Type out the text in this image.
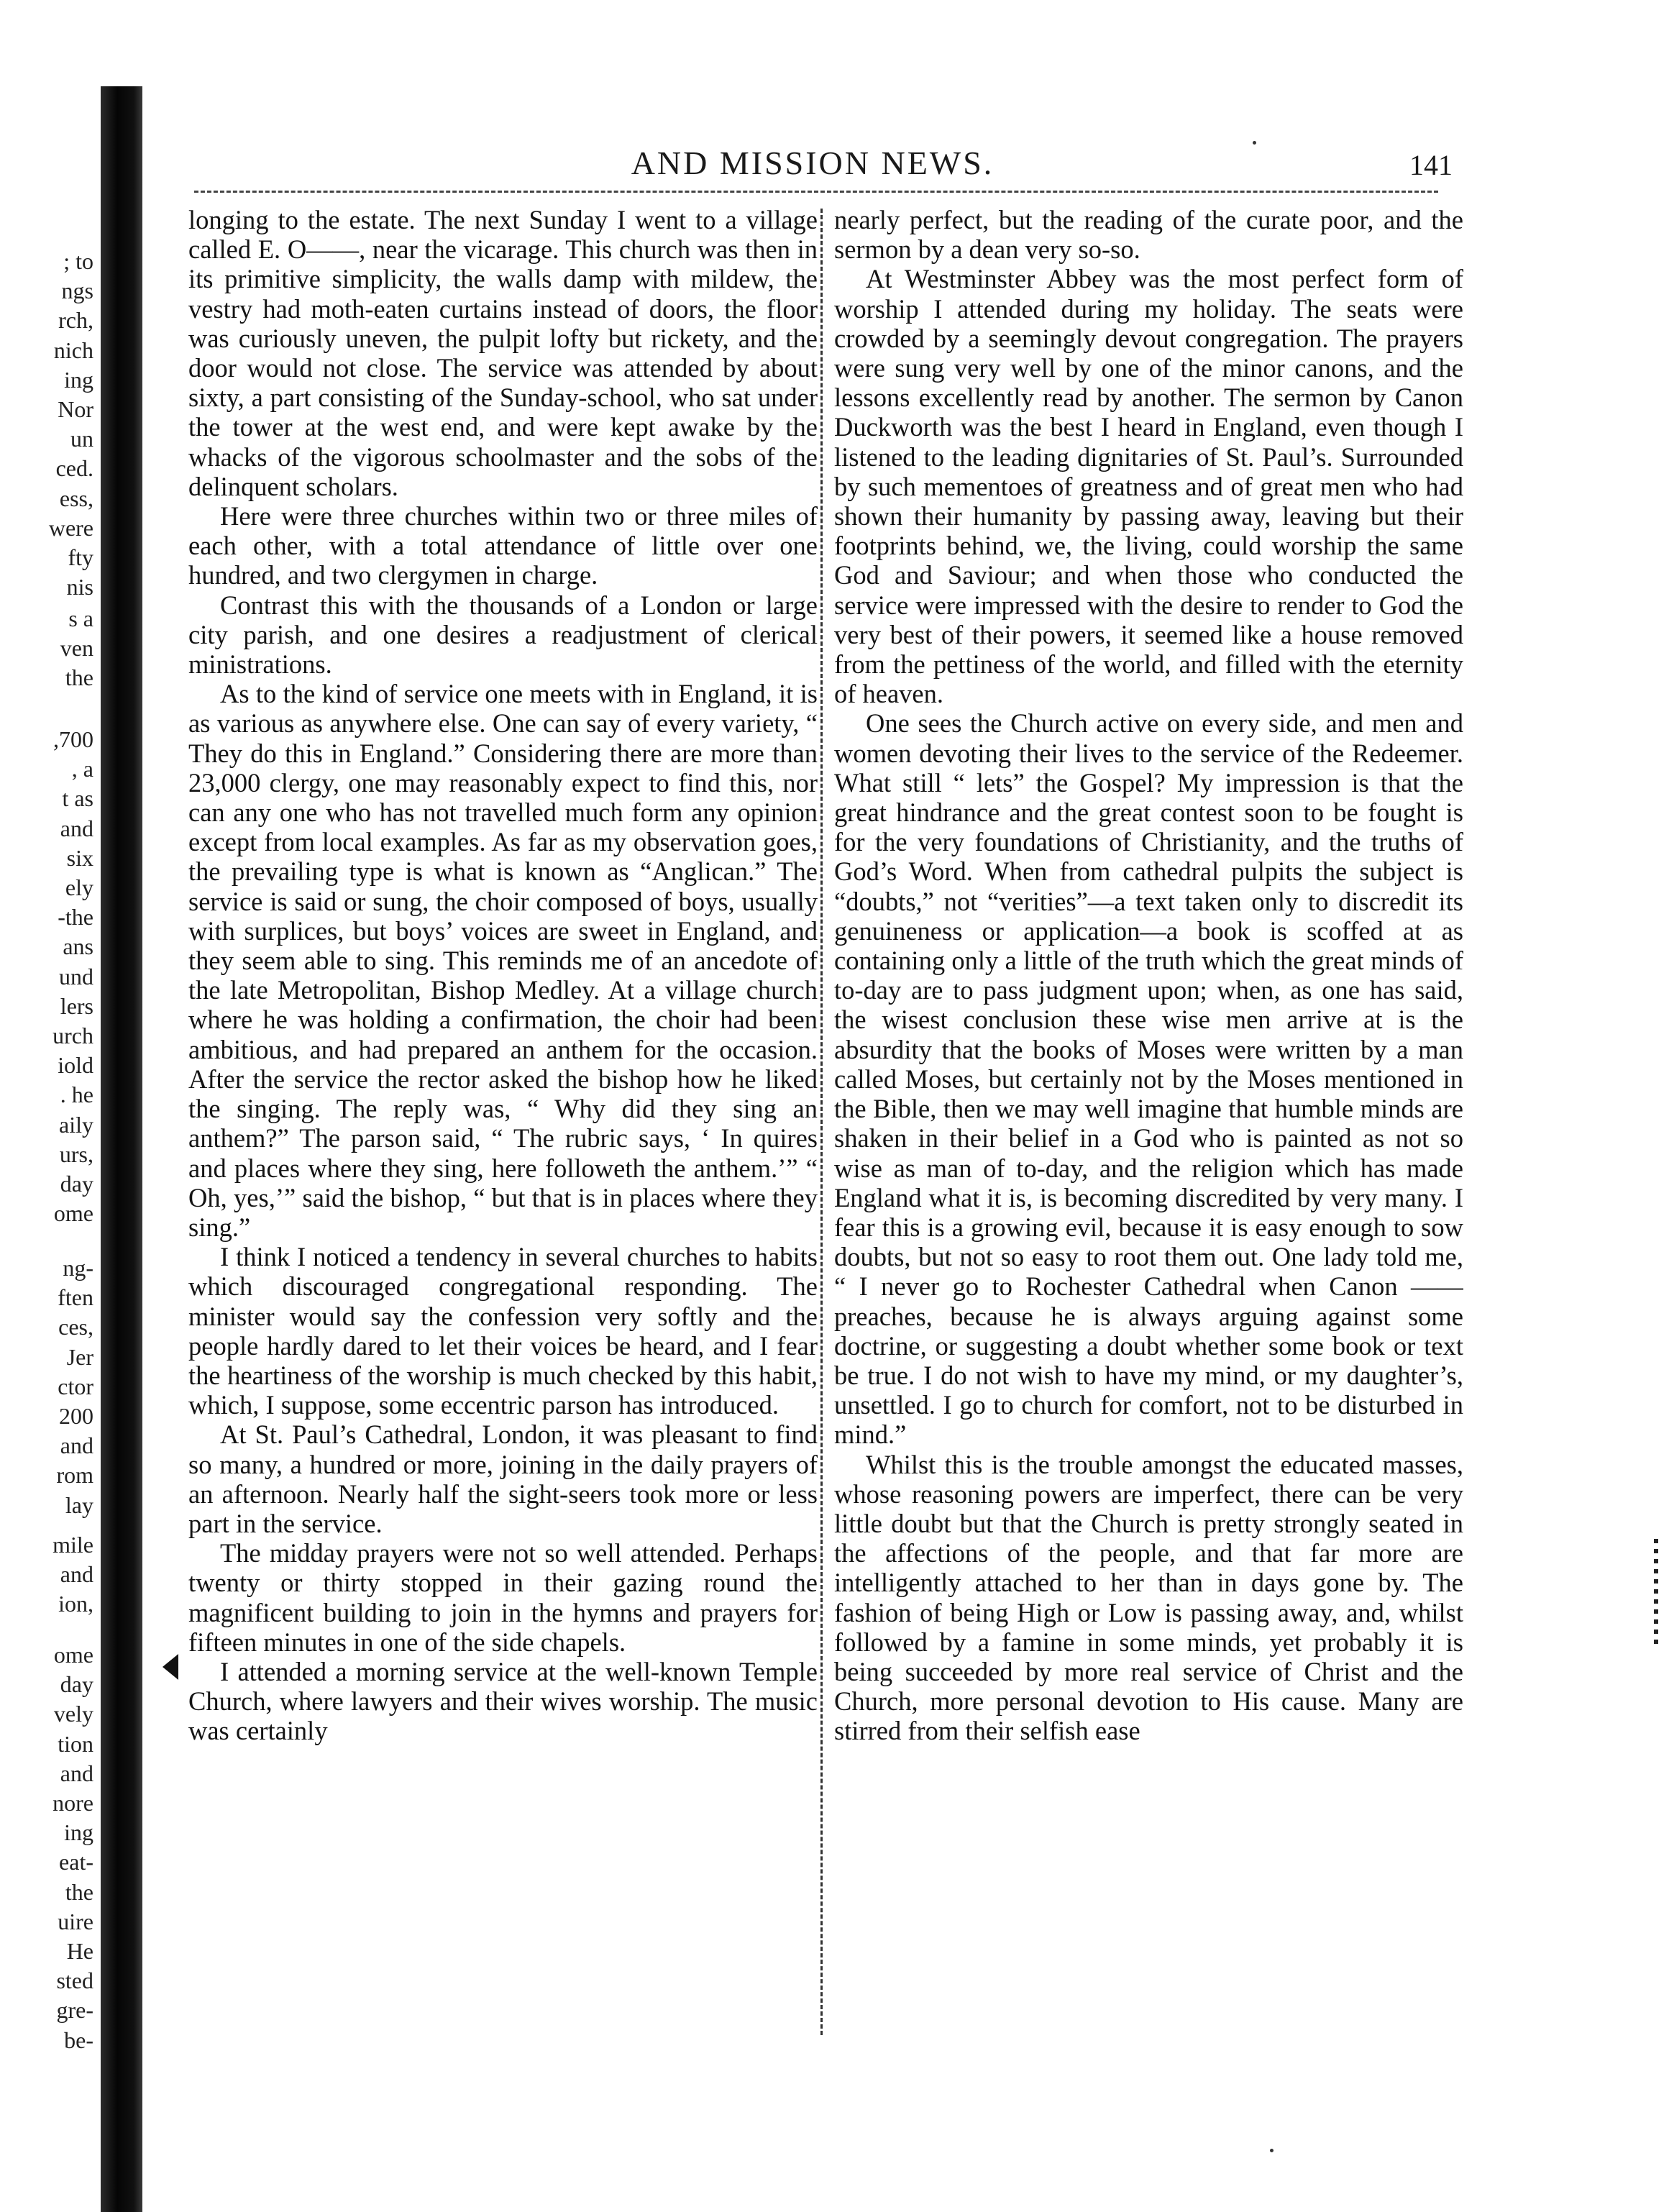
; to
ngs
rch,
nich
ing
Nor
un
ced.
ess,
were
fty
nis
s a
ven
the
,700
, a
t as
and
six
ely
-the
ans
und
lers
urch
iold
. he
aily
urs,
day
ome
ng-
ften
ces,
Jer
ctor
200
and
rom
lay
mile
and
ion,
ome
day
vely
tion
and
nore
ing
eat-
the
uire
He
sted
gre-
be-
AND MISSION NEWS.	141

longing to the estate. The next Sunday I went to a village called E. O——, near the vicarage. This church was then in its primitive simplicity, the walls damp with mildew, the vestry had moth-eaten curtains instead of doors, the floor was curiously uneven, the pulpit lofty but rickety, and the door would not close. The service was attended by about sixty, a part consisting of the Sunday-school, who sat under the tower at the west end, and were kept awake by the whacks of the vigorous schoolmaster and the sobs of the delinquent scholars.

Here were three churches within two or three miles of each other, with a total attendance of little over one hundred, and two clergymen in charge.

Contrast this with the thousands of a London or large city parish, and one desires a readjustment of clerical ministrations.

As to the kind of service one meets with in England, it is as various as anywhere else. One can say of every variety, “ They do this in England.” Considering there are more than 23,000 clergy, one may reasonably expect to find this, nor can any one who has not travelled much form any opinion except from local examples. As far as my observation goes, the prevailing type is what is known as “Anglican.” The service is said or sung, the choir composed of boys, usually with surplices, but boys’ voices are sweet in England, and they seem able to sing. This reminds me of an ancedote of the late Metropolitan, Bishop Medley. At a village church where he was holding a confirmation, the choir had been ambitious, and had prepared an anthem for the occasion. After the service the rector asked the bishop how he liked the singing. The reply was, “ Why did they sing an anthem?” The parson said, “ The rubric says, ‘ In quires and places where they sing, here followeth the anthem.’” “ Oh, yes,’” said the bishop, “ but that is in places where they sing.”

I think I noticed a tendency in several churches to habits which discouraged congregational responding. The minister would say the confession very softly and the people hardly dared to let their voices be heard, and I fear the heartiness of the worship is much checked by this habit, which, I suppose, some eccentric parson has introduced.

At St. Paul’s Cathedral, London, it was pleasant to find so many, a hundred or more, joining in the daily prayers of an afternoon. Nearly half the sight-seers took more or less part in the service.

The midday prayers were not so well attended. Perhaps twenty or thirty stopped in their gazing round the magnificent building to join in the hymns and prayers for fifteen minutes in one of the side chapels.

I attended a morning service at the well-known Temple Church, where lawyers and their wives worship. The music was certainly

nearly perfect, but the reading of the curate poor, and the sermon by a dean very so-so.

At Westminster Abbey was the most perfect form of worship I attended during my holiday. The seats were crowded by a seemingly devout congregation. The prayers were sung very well by one of the minor canons, and the lessons excellently read by another. The sermon by Canon Duckworth was the best I heard in England, even though I listened to the leading dignitaries of St. Paul’s. Surrounded by such mementoes of greatness and of great men who had shown their humanity by passing away, leaving but their footprints behind, we, the living, could worship the same God and Saviour; and when those who conducted the service were impressed with the desire to render to God the very best of their powers, it seemed like a house removed from the pettiness of the world, and filled with the eternity of heaven.

One sees the Church active on every side, and men and women devoting their lives to the service of the Redeemer. What still “ lets” the Gospel? My impression is that the great hindrance and the great contest soon to be fought is for the very foundations of Christianity, and the truths of God’s Word. When from cathedral pulpits the subject is “doubts,” not “verities”—a text taken only to discredit its genuineness or application—a book is scoffed at as containing only a little of the truth which the great minds of to-day are to pass judgment upon; when, as one has said, the wisest conclusion these wise men arrive at is the absurdity that the books of Moses were written by a man called Moses, but certainly not by the Moses mentioned in the Bible, then we may well imagine that humble minds are shaken in their belief in a God who is painted as not so wise as man of to-day, and the religion which has made England what it is, is becoming discredited by very many. I fear this is a growing evil, because it is easy enough to sow doubts, but not so easy to root them out. One lady told me, “ I never go to Rochester Cathedral when Canon —— preaches, because he is always arguing against some doctrine, or suggesting a doubt whether some book or text be true. I do not wish to have my mind, or my daughter’s, unsettled. I go to church for comfort, not to be disturbed in mind.”

Whilst this is the trouble amongst the educated masses, whose reasoning powers are imperfect, there can be very little doubt but that the Church is pretty strongly seated in the affections of the people, and that far more are intelligently attached to her than in days gone by. The fashion of being High or Low is passing away, and, whilst followed by a famine in some minds, yet probably it is being succeeded by more real service of Christ and the Church, more personal devotion to His cause. Many are stirred from their selfish ease
